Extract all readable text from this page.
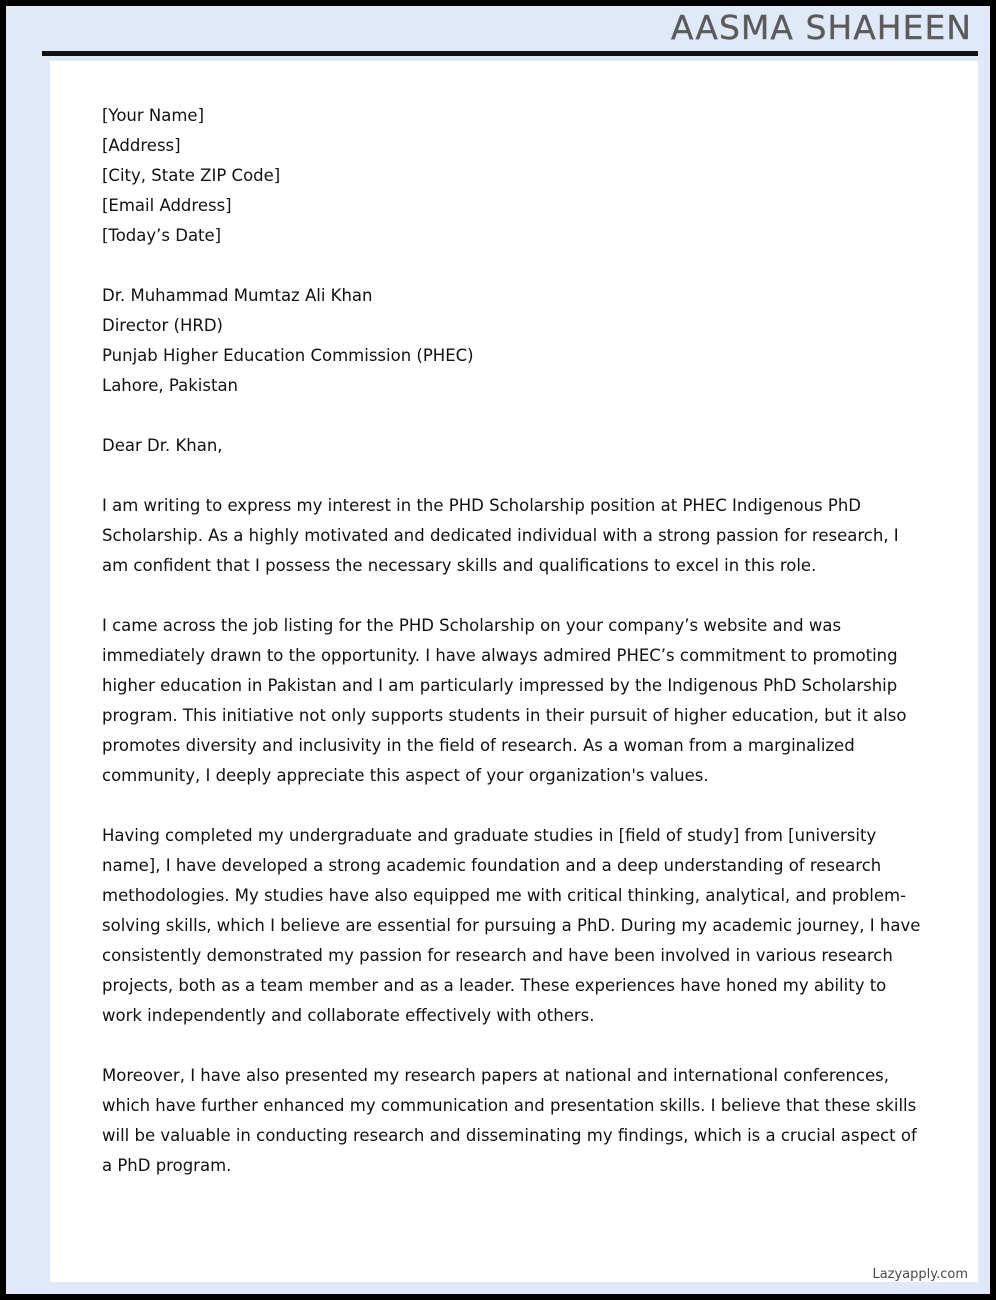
AASMA SHAHEEN

[Your Name]

[Address]

[City, State ZIP Code]

[Email Address]

[Today’s Date]

Dr. Muhammad Mumtaz Ali Khan

Director (HRD)

Punjab Higher Education Commission (PHEC)

Lahore, Pakistan

Dear Dr. Khan,

I am writing to express my interest in the PHD Scholarship position at PHEC Indigenous PhD Scholarship. As a highly motivated and dedicated individual with a strong passion for research, I am confident that I possess the necessary skills and qualifications to excel in this role.

I came across the job listing for the PHD Scholarship on your company’s website and was immediately drawn to the opportunity. I have always admired PHEC’s commitment to promoting higher education in Pakistan and I am particularly impressed by the Indigenous PhD Scholarship program. This initiative not only supports students in their pursuit of higher education, but it also promotes diversity and inclusivity in the field of research. As a woman from a marginalized community, I deeply appreciate this aspect of your organization's values.

Having completed my undergraduate and graduate studies in [field of study] from [university name], I have developed a strong academic foundation and a deep understanding of research methodologies. My studies have also equipped me with critical thinking, analytical, and problem-solving skills, which I believe are essential for pursuing a PhD. During my academic journey, I have consistently demonstrated my passion for research and have been involved in various research projects, both as a team member and as a leader. These experiences have honed my ability to work independently and collaborate effectively with others.

Moreover, I have also presented my research papers at national and international conferences, which have further enhanced my communication and presentation skills. I believe that these skills will be valuable in conducting research and disseminating my findings, which is a crucial aspect of a PhD program.

Lazyapply.com
